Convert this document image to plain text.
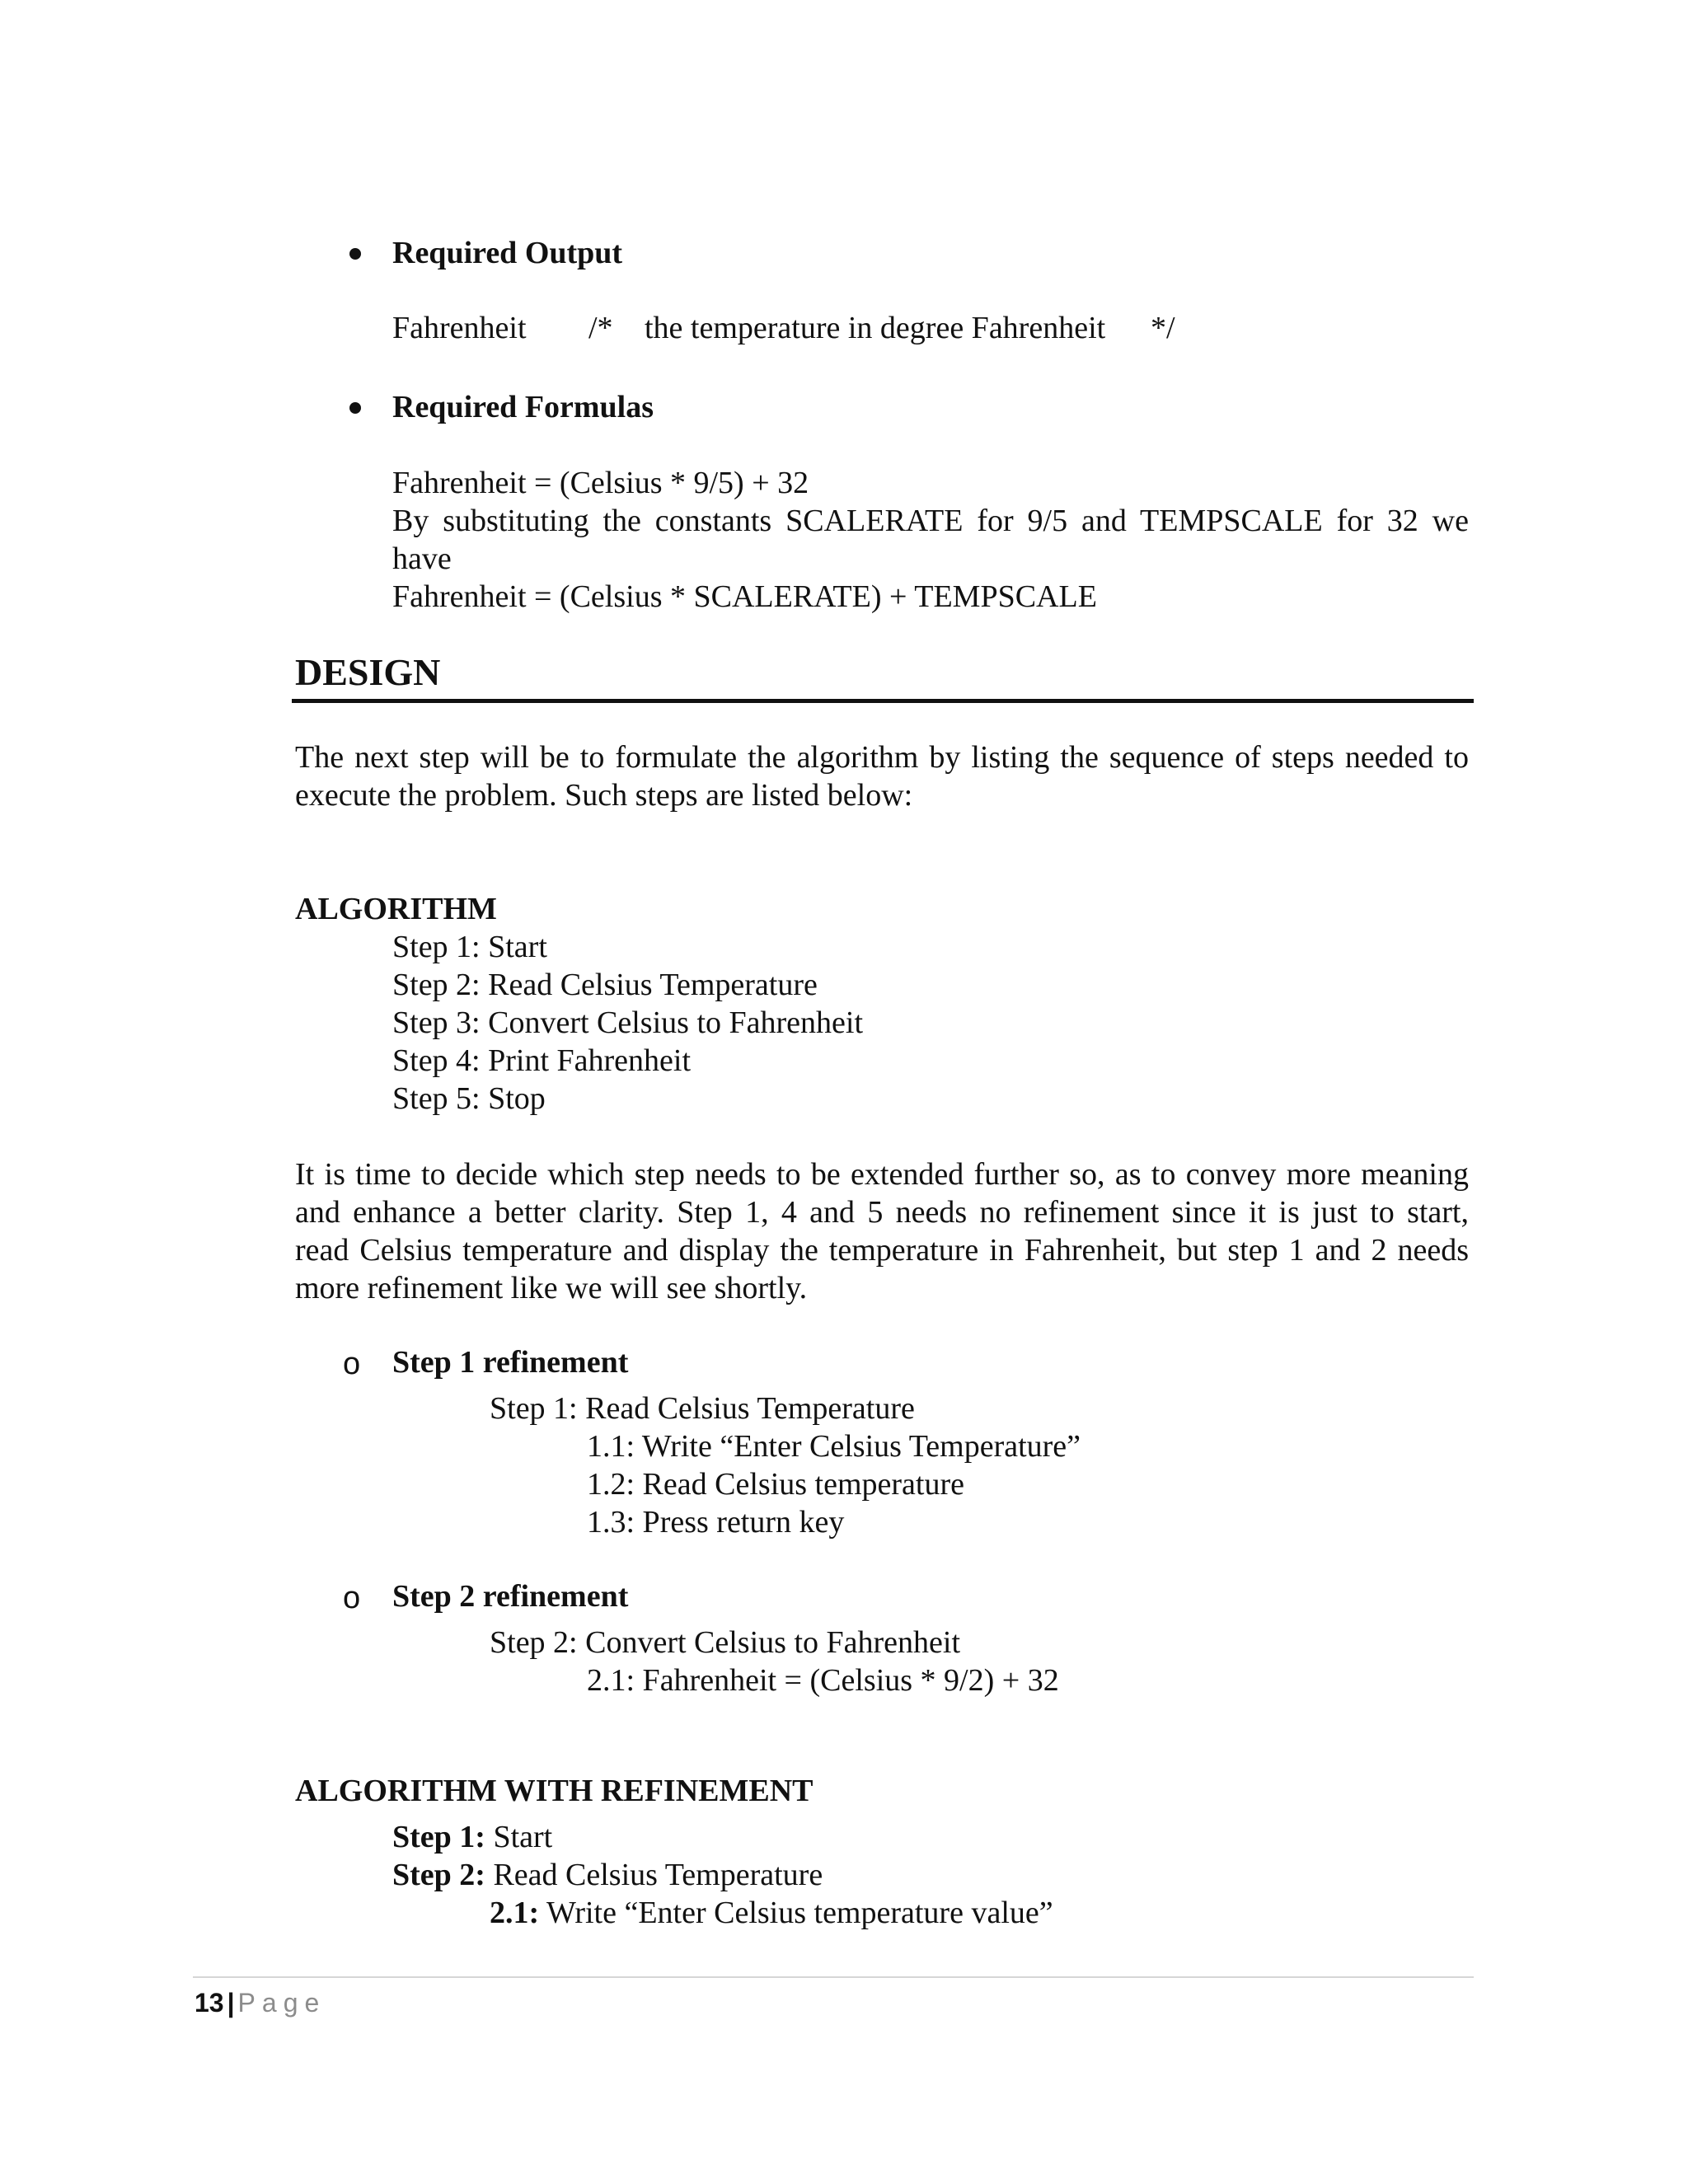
Required Output
Fahrenheit /* the temperature in degree Fahrenheit */
Required Formulas
Fahrenheit = (Celsius * 9/5) + 32
By substituting the constants SCALERATE for 9/5 and TEMPSCALE for 32 we
have
Fahrenheit = (Celsius * SCALERATE) + TEMPSCALE
DESIGN
The next step will be to formulate the algorithm by listing the sequence of steps needed to
execute the problem. Such steps are listed below:
ALGORITHM
Step 1: Start
Step 2: Read Celsius Temperature
Step 3: Convert Celsius to Fahrenheit
Step 4: Print Fahrenheit
Step 5: Stop
It is time to decide which step needs to be extended further so, as to convey more meaning
and enhance a better clarity. Step 1, 4 and 5 needs no refinement since it is just to start,
read Celsius temperature and display the temperature in Fahrenheit, but step 1 and 2 needs
more refinement like we will see shortly.
o Step 1 refinement
Step 1: Read Celsius Temperature
1.1: Write “Enter Celsius Temperature”
1.2: Read Celsius temperature
1.3: Press return key
o Step 2 refinement
Step 2: Convert Celsius to Fahrenheit
2.1: Fahrenheit = (Celsius * 9/2) + 32
ALGORITHM WITH REFINEMENT
Step 1: Start
Step 2: Read Celsius Temperature
2.1: Write “Enter Celsius temperature value”
13 | Page
